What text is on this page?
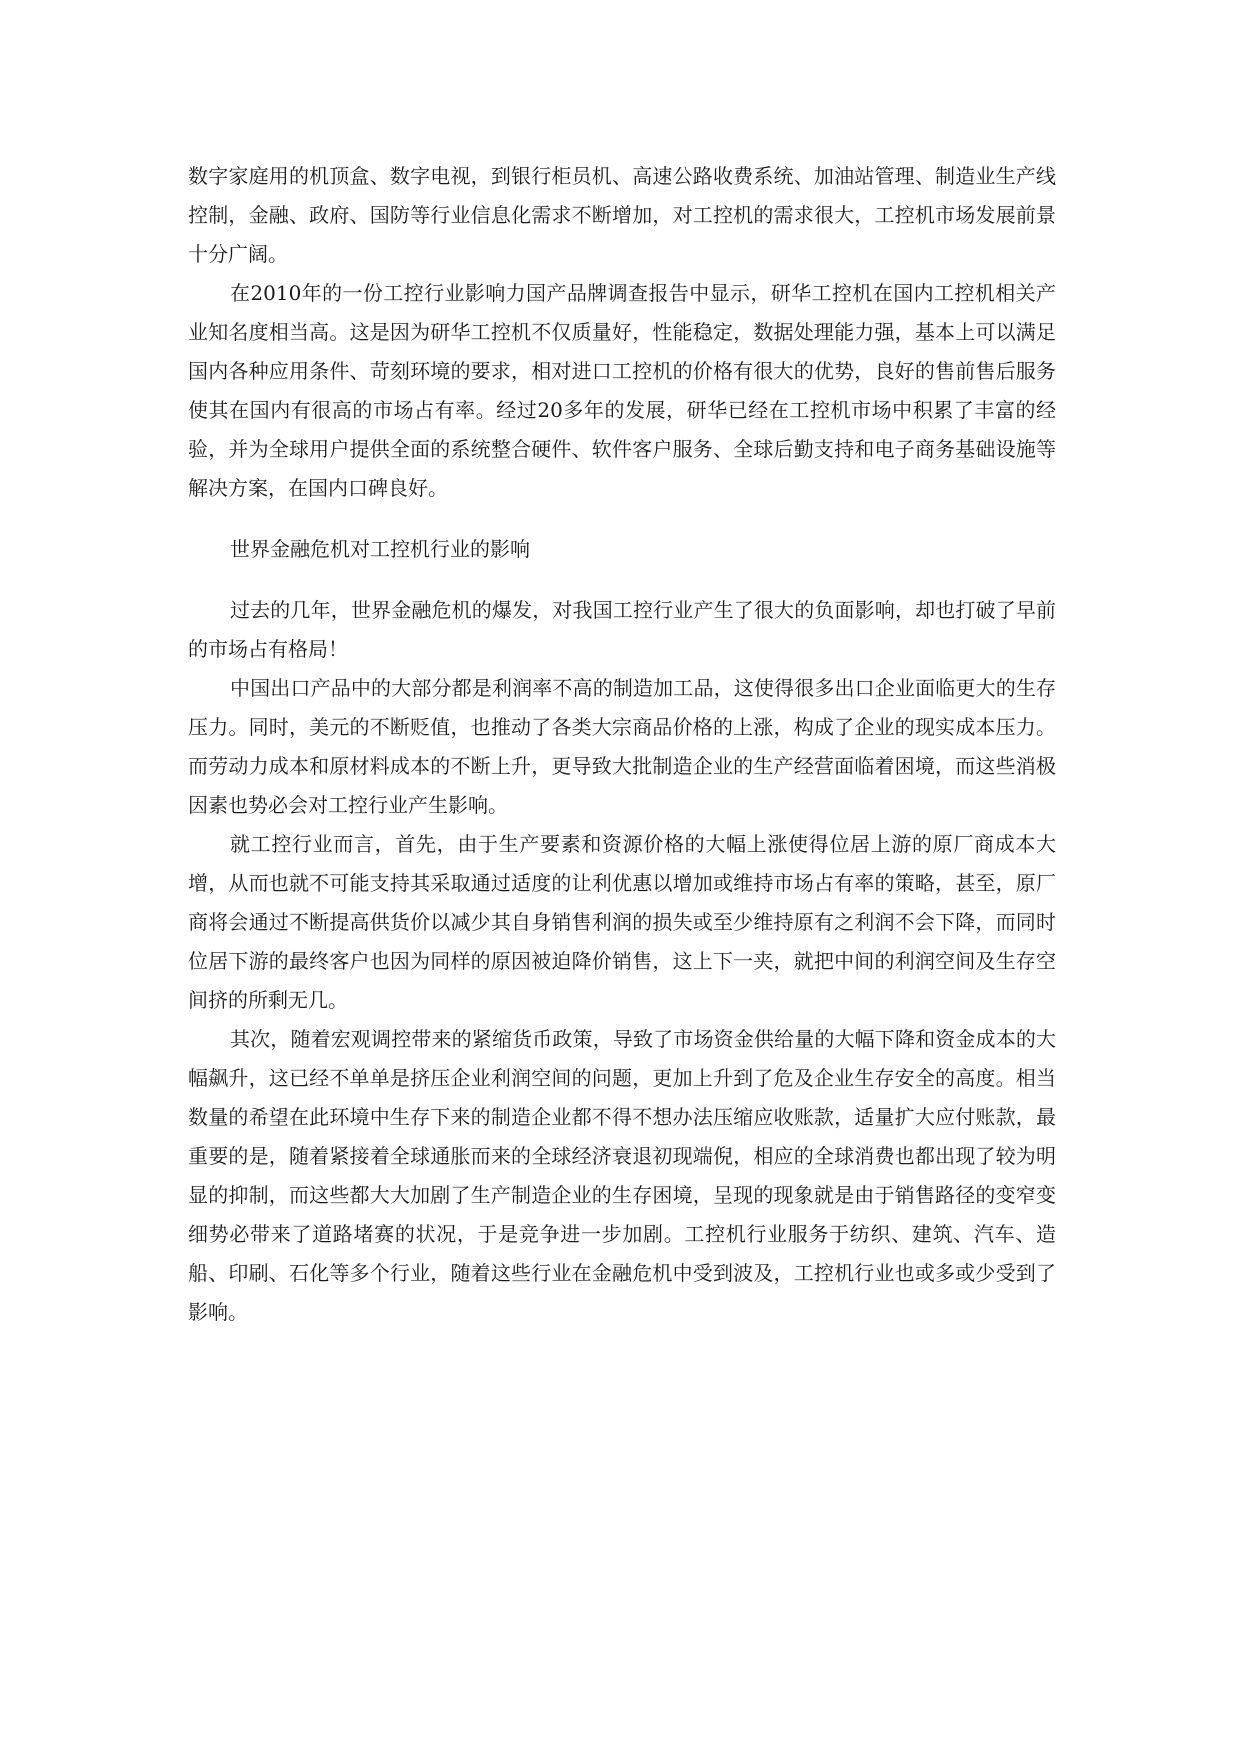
数字家庭用的机顶盒、数字电视，到银行柜员机、高速公路收费系统、加油站管理、制造业生产线控制，金融、政府、国防等行业信息化需求不断增加，对工控机的需求很大，工控机市场发展前景十分广阔。

在2010年的一份工控行业影响力国产品牌调查报告中显示，研华工控机在国内工控机相关产业知名度相当高。这是因为研华工控机不仅质量好，性能稳定，数据处理能力强，基本上可以满足国内各种应用条件、苛刻环境的要求，相对进口工控机的价格有很大的优势，良好的售前售后服务使其在国内有很高的市场占有率。经过20多年的发展，研华已经在工控机市场中积累了丰富的经验，并为全球用户提供全面的系统整合硬件、软件客户服务、全球后勤支持和电子商务基础设施等解决方案，在国内口碑良好。

世界金融危机对工控机行业的影响

过去的几年，世界金融危机的爆发，对我国工控行业产生了很大的负面影响，却也打破了早前的市场占有格局！

中国出口产品中的大部分都是利润率不高的制造加工品，这使得很多出口企业面临更大的生存压力。同时，美元的不断贬值，也推动了各类大宗商品价格的上涨，构成了企业的现实成本压力。而劳动力成本和原材料成本的不断上升，更导致大批制造企业的生产经营面临着困境，而这些消极因素也势必会对工控行业产生影响。

就工控行业而言，首先，由于生产要素和资源价格的大幅上涨使得位居上游的原厂商成本大增，从而也就不可能支持其采取通过适度的让利优惠以增加或维持市场占有率的策略，甚至，原厂商将会通过不断提高供货价以减少其自身销售利润的损失或至少维持原有之利润不会下降，而同时位居下游的最终客户也因为同样的原因被迫降价销售，这上下一夹，就把中间的利润空间及生存空间挤的所剩无几。

其次，随着宏观调控带来的紧缩货币政策，导致了市场资金供给量的大幅下降和资金成本的大幅飙升，这已经不单单是挤压企业利润空间的问题，更加上升到了危及企业生存安全的高度。相当数量的希望在此环境中生存下来的制造企业都不得不想办法压缩应收账款，适量扩大应付账款，最重要的是，随着紧接着全球通胀而来的全球经济衰退初现端倪，相应的全球消费也都出现了较为明显的抑制，而这些都大大加剧了生产制造企业的生存困境，呈现的现象就是由于销售路径的变窄变细势必带来了道路堵赛的状况，于是竞争进一步加剧。工控机行业服务于纺织、建筑、汽车、造船、印刷、石化等多个行业，随着这些行业在金融危机中受到波及，工控机行业也或多或少受到了影响。
